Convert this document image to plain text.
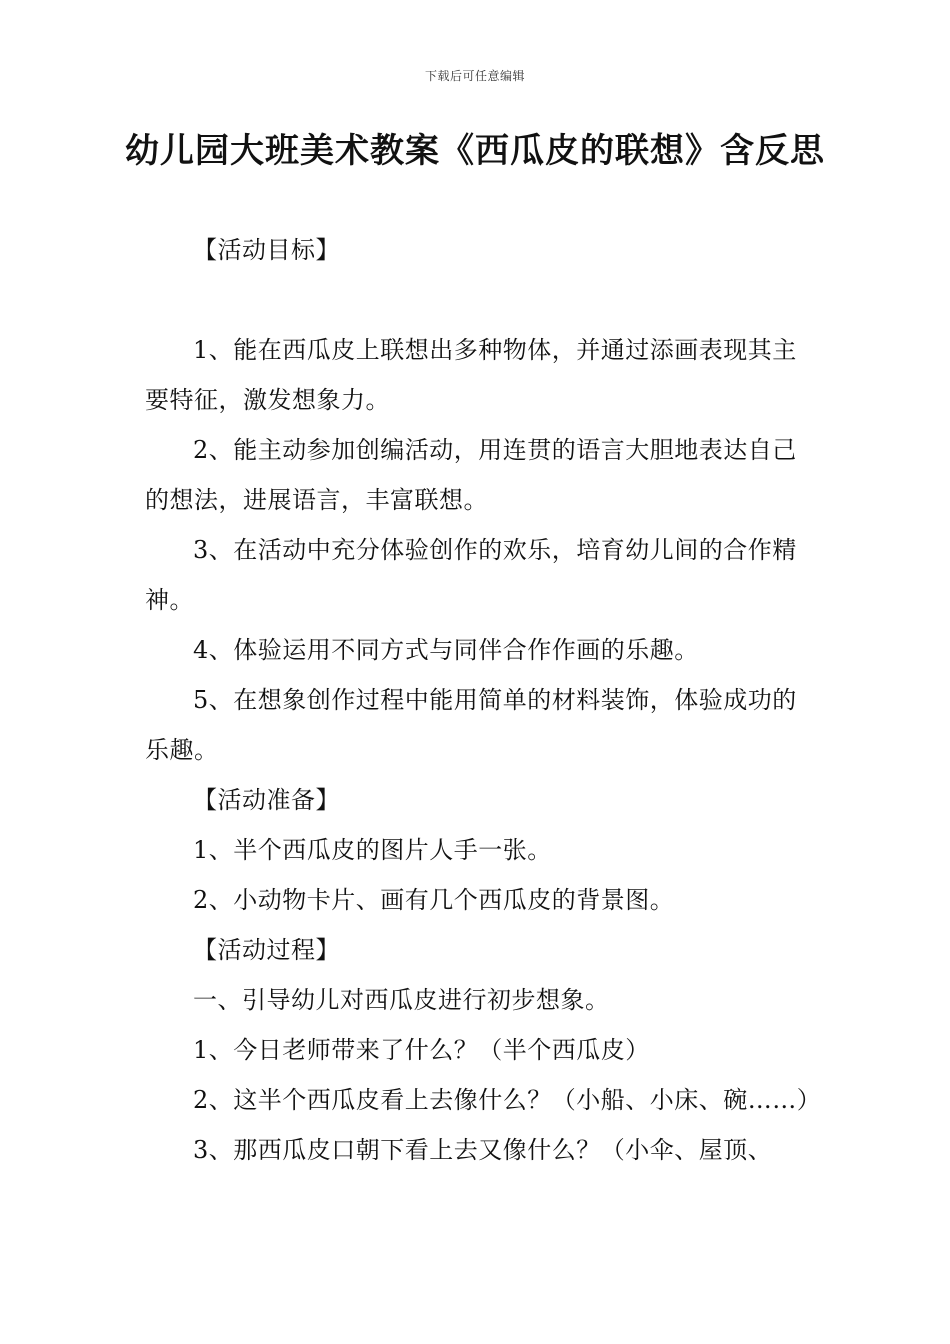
下载后可任意编辑
幼儿园大班美术教案《西瓜皮的联想》含反思

【活动目标】

1、能在西瓜皮上联想出多种物体，并通过添画表现其主要特征，激发想象力。

2、能主动参加创编活动，用连贯的语言大胆地表达自己的想法，进展语言，丰富联想。

3、在活动中充分体验创作的欢乐，培育幼儿间的合作精神。

4、体验运用不同方式与同伴合作作画的乐趣。

5、在想象创作过程中能用简单的材料装饰，体验成功的乐趣。

【活动准备】

1、半个西瓜皮的图片人手一张。

2、小动物卡片、画有几个西瓜皮的背景图。

【活动过程】

一、引导幼儿对西瓜皮进行初步想象。

1、今日老师带来了什么？（半个西瓜皮）

2、这半个西瓜皮看上去像什么？（小船、小床、碗……）

3、那西瓜皮口朝下看上去又像什么？（小伞、屋顶、
